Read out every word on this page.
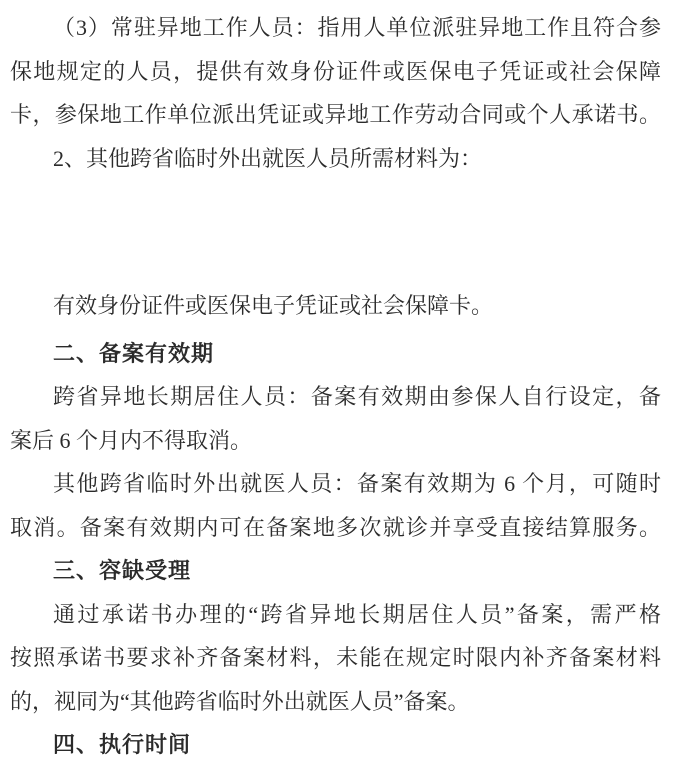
（3）常驻异地工作人员：指用人单位派驻异地工作且符合参
保地规定的人员，提供有效身份证件或医保电子凭证或社会保障
卡，参保地工作单位派出凭证或异地工作劳动合同或个人承诺书。
2、其他跨省临时外出就医人员所需材料为：
有效身份证件或医保电子凭证或社会保障卡。
二、备案有效期
跨省异地长期居住人员：备案有效期由参保人自行设定，备
案后 6 个月内不得取消。
其他跨省临时外出就医人员：备案有效期为 6 个月，可随时
取消。备案有效期内可在备案地多次就诊并享受直接结算服务。
三、容缺受理
通过承诺书办理的“跨省异地长期居住人员”备案，需严格
按照承诺书要求补齐备案材料，未能在规定时限内补齐备案材料
的，视同为“其他跨省临时外出就医人员”备案。
四、执行时间
